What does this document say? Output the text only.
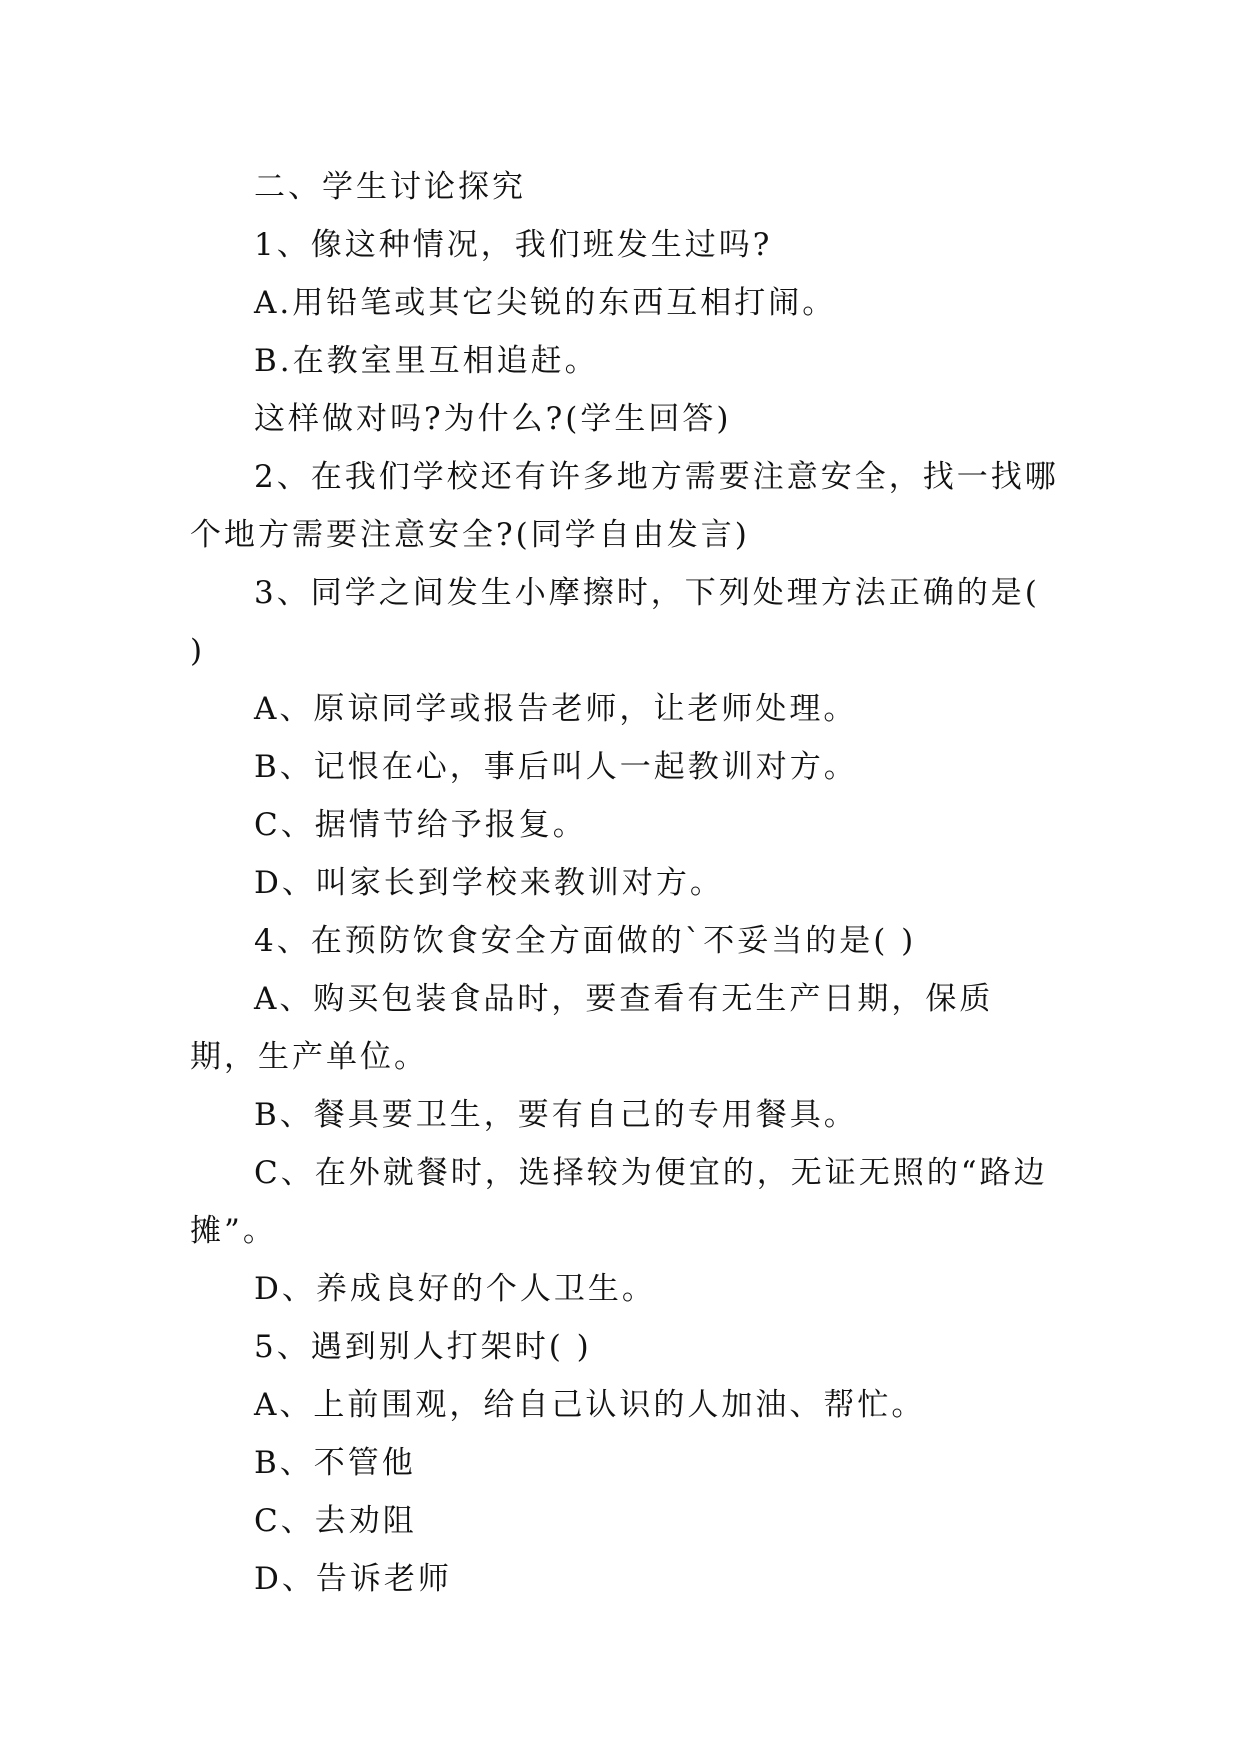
二、学生讨论探究

1、像这种情况，我们班发生过吗?

A.用铅笔或其它尖锐的东西互相打闹。

B.在教室里互相追赶。

这样做对吗?为什么?(学生回答)

2、在我们学校还有许多地方需要注意安全，找一找哪个地方需要注意安全?(同学自由发言)

3、同学之间发生小摩擦时，下列处理方法正确的是( )

A、原谅同学或报告老师，让老师处理。

B、记恨在心，事后叫人一起教训对方。

C、据情节给予报复。

D、叫家长到学校来教训对方。

4、在预防饮食安全方面做的`不妥当的是( )

A、购买包装食品时，要查看有无生产日期，保质期，生产单位。

B、餐具要卫生，要有自己的专用餐具。

C、在外就餐时，选择较为便宜的，无证无照的“路边摊”。

D、养成良好的个人卫生。

5、遇到别人打架时( )

A、上前围观，给自己认识的人加油、帮忙。

B、不管他

C、去劝阻

D、告诉老师
